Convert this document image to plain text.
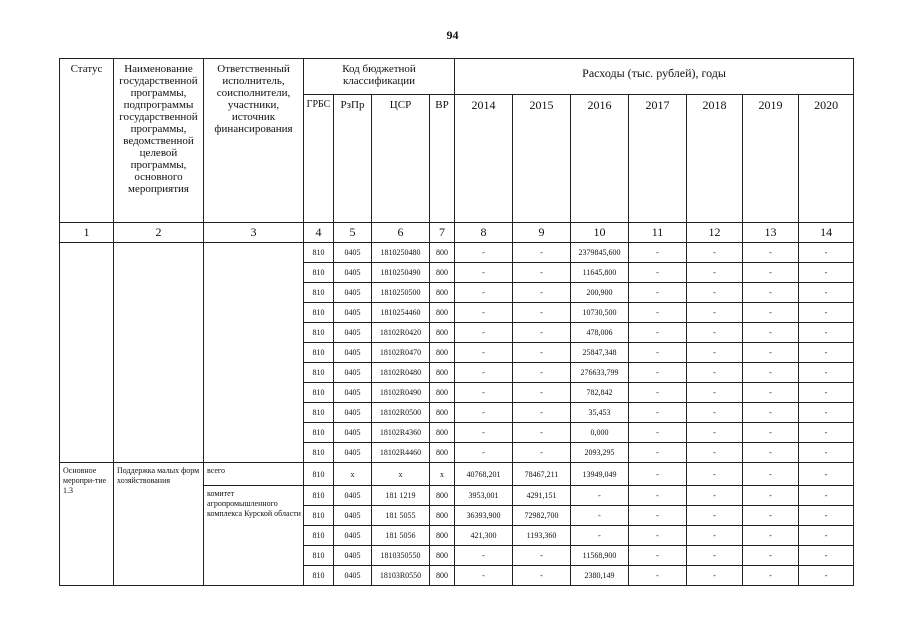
94
Статус	Наименование государственной программы, подпрограммы государственной программы, ведомственной целевой программы, основного мероприятия	Ответственный исполнитель, соисполнители, участники, источник финансирования	Код бюджетной классификации				Расходы (тыс. рублей), годы						
			ГРБС	РзПр	ЦСР	ВР	2014	2015	2016	2017	2018	2019	2020
1	2	3	4	5	6	7	8	9	10	11	12	13	14
			810	0405	1810250480	800	-	-	2379845,600	-	-	-	-
			810	0405	1810250490	800	-	-	11645,800	-	-	-	-
			810	0405	1810250500	800	-	-	200,900	-	-	-	-
			810	0405	1810254460	800	-	-	10730,500	-	-	-	-
			810	0405	18102R0420	800	-	-	478,006	-	-	-	-
			810	0405	18102R0470	800	-	-	25847,348	-	-	-	-
			810	0405	18102R0480	800	-	-	276633,799	-	-	-	-
			810	0405	18102R0490	800	-	-	782,842	-	-	-	-
			810	0405	18102R0500	800	-	-	35,453	-	-	-	-
			810	0405	18102R4360	800	-	-	0,000	-	-	-	-
			810	0405	18102R4460	800	-	-	2093,295	-	-	-	-
Основное меропри-тие 1.3	Поддержка малых форм хозяйствования	всего	810	x	x	x	40768,201	78467,211	13949,049	-	-	-	-
		комитет агропромышленного комплекса Курской области	810	0405	181 1219	800	3953,001	4291,151	-	-	-	-	-
			810	0405	181 5055	800	36393,900	72982,700	-	-	-	-	-
			810	0405	181 5056	800	421,300	1193,360	-	-	-	-	-
			810	0405	1810350550	800	-	-	11568,900	-	-	-	-
			810	0405	18103R0550	800	-	-	2380,149	-	-	-	-
